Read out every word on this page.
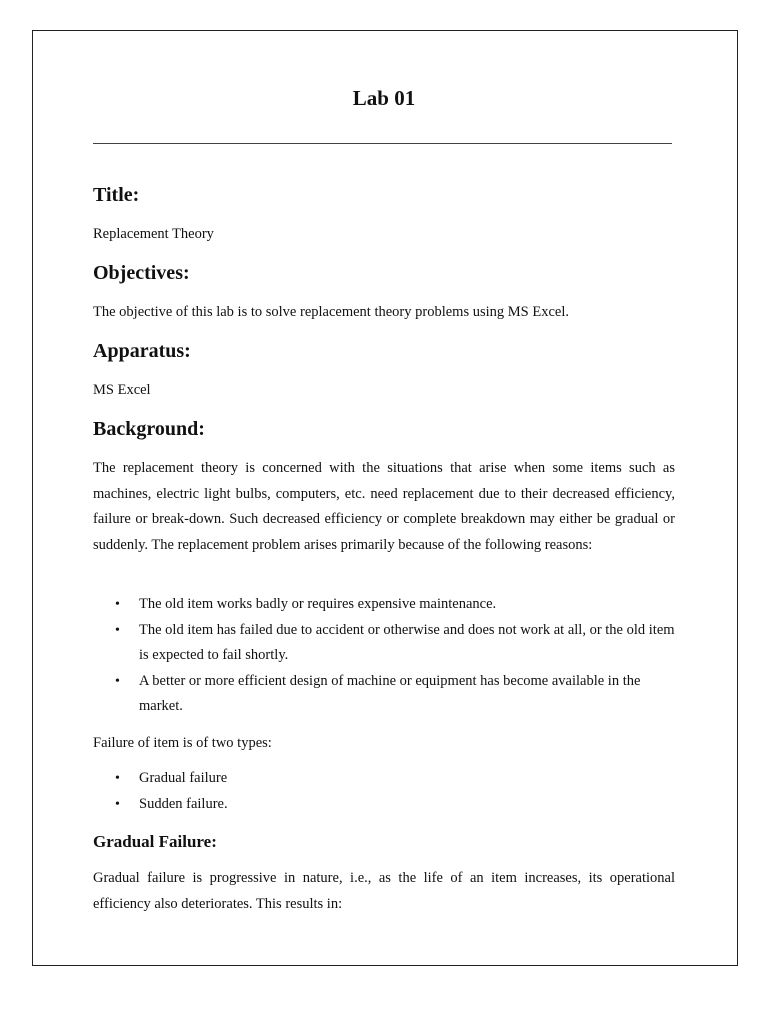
Lab 01
Title:

Replacement Theory

Objectives:

The objective of this lab is to solve replacement theory problems using MS Excel.

Apparatus:

MS Excel

Background:

The replacement theory is concerned with the situations that arise when some items such as machines, electric light bulbs, computers, etc. need replacement due to their decreased efficiency, failure or break-down. Such decreased efficiency or complete breakdown may either be gradual or suddenly. The replacement problem arises primarily because of the following reasons:

• The old item works badly or requires expensive maintenance.
• The old item has failed due to accident or otherwise and does not work at all, or the old item is expected to fail shortly.
• A better or more efficient design of machine or equipment has become available in the market.

Failure of item is of two types:

• Gradual failure
• Sudden failure.
Gradual Failure:

Gradual failure is progressive in nature, i.e., as the life of an item increases, its operational efficiency also deteriorates. This results in:
